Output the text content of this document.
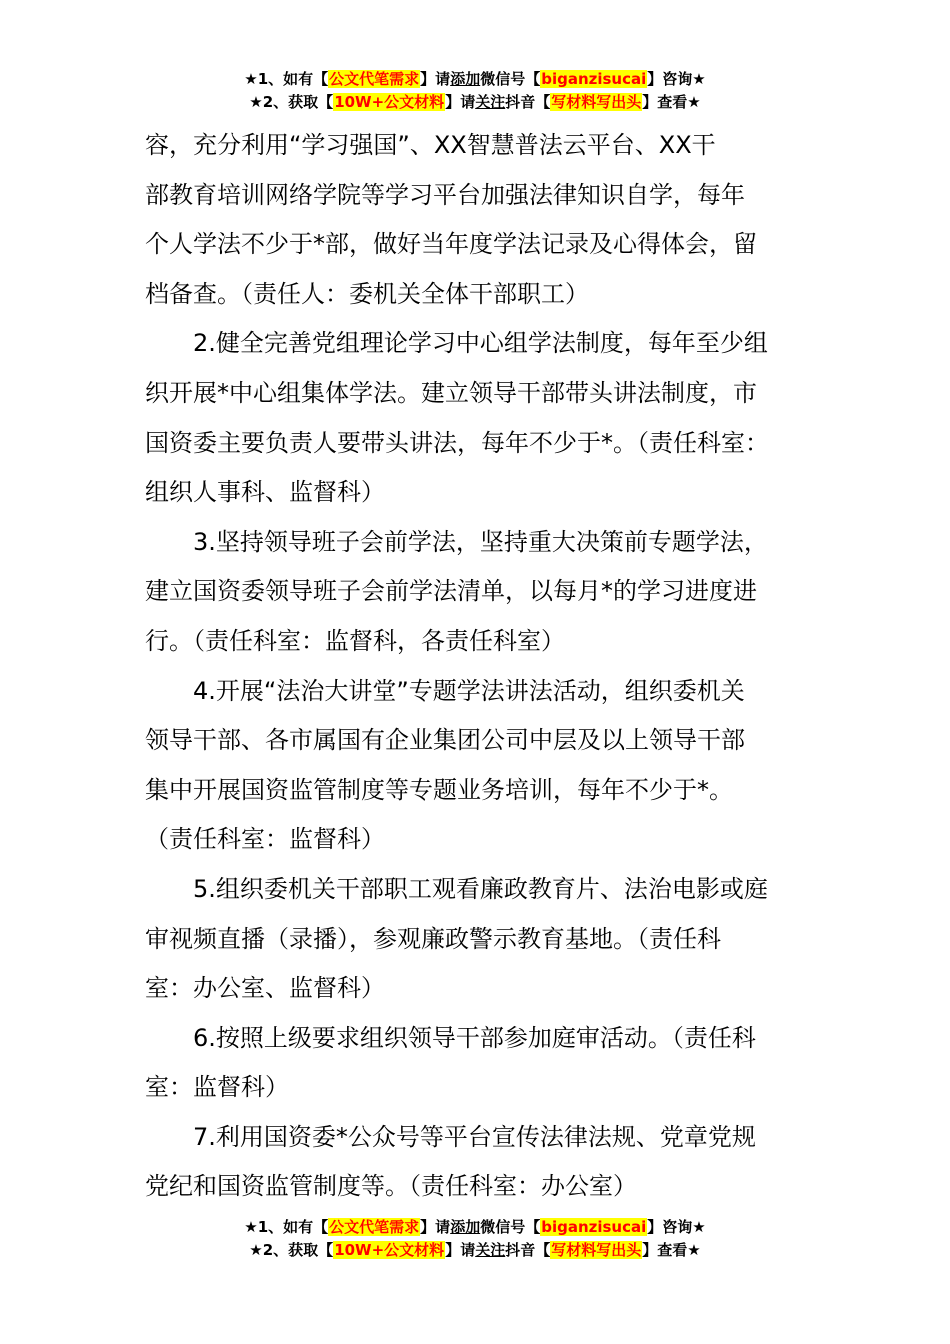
★1、如有【公文代笔需求】请添加微信号【biganzisucai】咨询★
★2、获取【10W+公文材料】请关注抖音【写材料写出头】查看★
容，充分利用“学习强国”、XX智慧普法云平台、XX干
部教育培训网络学院等学习平台加强法律知识自学，每年
个人学法不少于*部，做好当年度学法记录及心得体会，留
档备查。（责任人：委机关全体干部职工）
2.健全完善党组理论学习中心组学法制度，每年至少组
织开展*中心组集体学法。建立领导干部带头讲法制度，市
国资委主要负责人要带头讲法，每年不少于*。（责任科室：
组织人事科、监督科）
3.坚持领导班子会前学法，坚持重大决策前专题学法，
建立国资委领导班子会前学法清单，以每月*的学习进度进
行。（责任科室：监督科，各责任科室）
4.开展“法治大讲堂”专题学法讲法活动，组织委机关
领导干部、各市属国有企业集团公司中层及以上领导干部
集中开展国资监管制度等专题业务培训，每年不少于*。
（责任科室：监督科）
5.组织委机关干部职工观看廉政教育片、法治电影或庭
审视频直播（录播），参观廉政警示教育基地。（责任科
室：办公室、监督科）
6.按照上级要求组织领导干部参加庭审活动。（责任科
室：监督科）
7.利用国资委*公众号等平台宣传法律法规、党章党规
党纪和国资监管制度等。（责任科室：办公室）
★1、如有【公文代笔需求】请添加微信号【biganzisucai】咨询★
★2、获取【10W+公文材料】请关注抖音【写材料写出头】查看★
